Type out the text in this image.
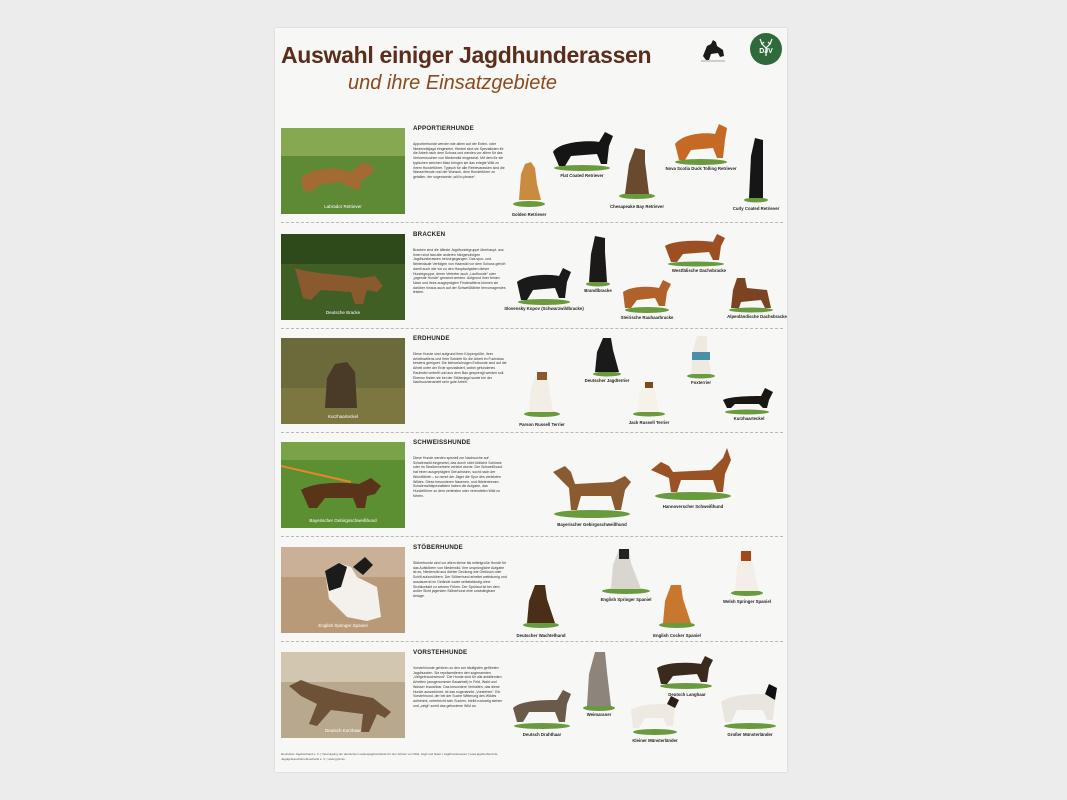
Auswahl einiger Jagdhunderassen
und ihre Einsatzgebiete
DJV
Labrador Retriever
APPORTIERHUNDE
Apportierhunde werden wie allem auf der Enten- oder Niederwildjagd eingesetzt. Hierbei sind sie Spezialisten für die Arbeit nach dem Schuss und werden vor allem für das Verlorensuchen von Niederwild eingesetzt. Mit dem für sie typischen weichen Maul bringen sie das erlegte Wild zu ihrem Hundeführer. Typisch für alle Retrievarassen sind die Wasserfreude und der Wunsch, dem Hundeführer zu gefallen, der sogenannte „will to please“.
Golden Retriever
Flat Coated Retriever
Chesapeake Bay Retriever
Nova Scotia Duck Tolling Retriever
Curly Coated Retriever
Deutsche Bracke
BRACKEN
Bracken sind die älteste Jagdhundegruppe überhaupt, aus ihnen sind fast alle anderen hängenohrigen Jagdhunderassen hervorgegangen. Das spur- und fährtenlaute Verfolgen von Haarwild vor dem Schuss gehört damit auch wie vor zu den Hauptaufgaben dieser Hundegruppe, deren Vertreter auch „Laufhunde“ oder „jagende Hunde“ genannt werden. Aufgrund ihrer feinen Nase und ihres ausgeprägten Finderwillens können sie darüber hinaus auch auf der Schweißfährte hervorragendes leisten.
Slovensky Kopov (Schwarzwildbracke)
Brandlbracke
Steirische Rauhaarbracke
Westfälische Dachsbracke
Alpenländische Dachsbracke
Kurzhaarteckel
ERDHUNDE
Diese Hunde sind aufgrund ihrer Körpergröße, ihrer Arbeitswillens und ihrer Schärfe für die Arbeit im Fuchsbau bestens geeignet. Die kleinwüchsigen Erdhunde sind auf die Arbeit unter der Erde spezialisiert, wobei gefundenes Raubwild verbellt und aus dem Bau gesprengt werden soll. Ebenso finden sie bei der Stöberjagd sowie bei der Nachsuchenarbeit sehr gute Arbeit.
Parson Russell Terrier
Deutscher Jagdterrier
Jack Russell Terrier
Foxterrier
Kurzhaarteckel
Bayerischer Gebirgsschweißhund
SCHWEISSHUNDE
Diese Hunde werden speziell zur Nachsuche auf Schalenwild eingesetzt, das durch nicht tödliche Schüsse oder im Straßenverkehr verletzt wurde. Der Schweißhund hat einen ausgeprägten Geruchssinn, sucht nach der Wundfährte – so nennt der Jäger die Spur des verletzten Wildes. Diese besonderen Nasenen- und fährtentreuen Schalenwildspezialisten haben die Aufgabe, das Hundeführer zu dem verletzten oder verendeten Wild zu führen.
Bayerischer Gebirgsschweißhund
Hannoverscher Schweißhund
English Springer Spaniel
STÖBERHUNDE
Stöberhunde sind vor allem kleine bis mittelgroße Hunde für das Aufstöbern von Niederwild. Ihre ursprüngliche Aufgabe ist es, Niederwild aus dichter Deckung wie Gebüsch oder Schilf aufzustöbern. Der Stöberhund arbeitet weiträumig und ausdauernd im Gelände sowie selbstständig ohne Sichtkontakt zu seinem Führer. Der Spürlaut ist bei dem außer Sicht jagenden Stöberhund eine unabdingbare Anlage.
Deutscher Wachtelhund
English Springer Spaniel
English Cocker Spaniel
Welsh Springer Spaniel
Deutsch Kurzhaar
VORSTEHHUNDE
Vorstehhunde gehören zu den am häufigsten geführten Jagdhunden. Sie repräsentieren den sogenannten „Vollgebrauchshund“. Die Hunde sind für alle anfallenden Arbeiten (ausgenommen Bauarbeit) in Feld, Wald und Wasser brauchbar. Das besondere Verhalten, das diese Hunde auszeichnet, ist das sogenannte „Vorstehen“. Ein Vorstehhund, der bei der Suche Witterung des Wildes aufnimmt, unterbricht sein Suchen, bleibt ruckartig stehen und „zeigt“ somit das gefundene Wild an.
Deutsch Drahthaar
Weimaraner
Kleiner Münsterländer
Deutsch Langhaar
Großer Münsterländer
Deutscher Jagdverband e. V. | Vereinigung der deutschen Landesjagdverbände für den Schutz von Wild, Jagd und Natur | Jagdhundewesen | www.jagdverband.de
Jagdgebrauchshundverband e. V. | www.jghv.de
